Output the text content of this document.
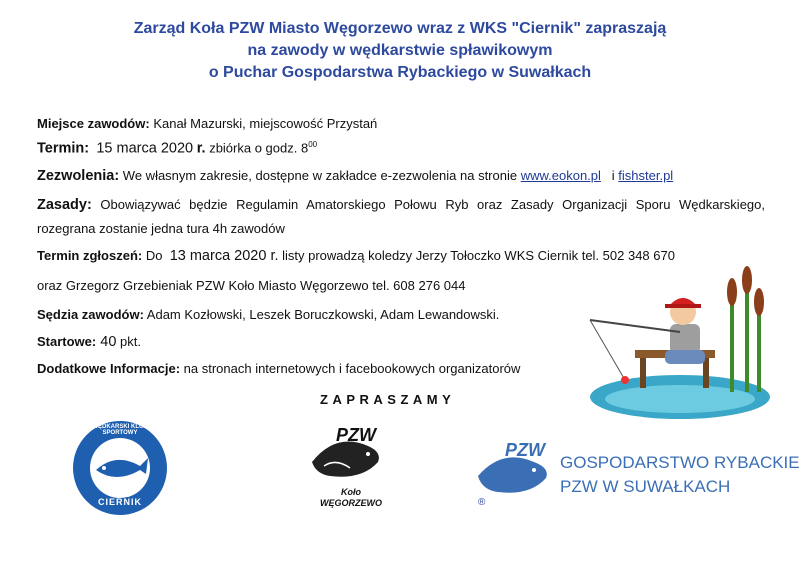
Zarząd Koła PZW Miasto Węgorzewo wraz z WKS "Ciernik" zapraszają
na zawody w wędkarstwie spławikowym
o Puchar Gospodarstwa Rybackiego w Suwałkach
Miejsce zawodów: Kanał Mazurski, miejscowość Przystań
Termin: 15 marca 2020 r. zbiórka o godz. $8^{00}$
Zezwolenia: We własnym zakresie, dostępne w zakładce e-zezwolenia na stronie www.eokon.pl i fishster.pl
Zasady: Obowiązywać będzie Regulamin Amatorskiego Połowu Ryb oraz Zasady Organizacji Sporu Wędkarskiego,
rozegrana zostanie jedna tura 4h zawodów
Termin zgłoszeń: Do  13 marca 2020 r. listy prowadzą koledzy Jerzy Tołoczko WKS Ciernik tel. 502 348 670
oraz Grzegorz Grzebieniak PZW Koło Miasto Węgorzewo tel. 608 276 044
Sędzia zawodów: Adam Kozłowski, Leszek Boruczkowski, Adam Lewandowski.
Startowe: 40 pkt.
Dodatkowe Informacje: na stronach internetowych i facebookowych organizatorów
ZAPRASZAMY
WĘDKARSKI KLUB SPORTOWY
CIERNIK
PZW
Koło
WĘGORZEWO
PZW
®
GOSPODARSTWO RYBACKIE
PZW W SUWAŁKACH
